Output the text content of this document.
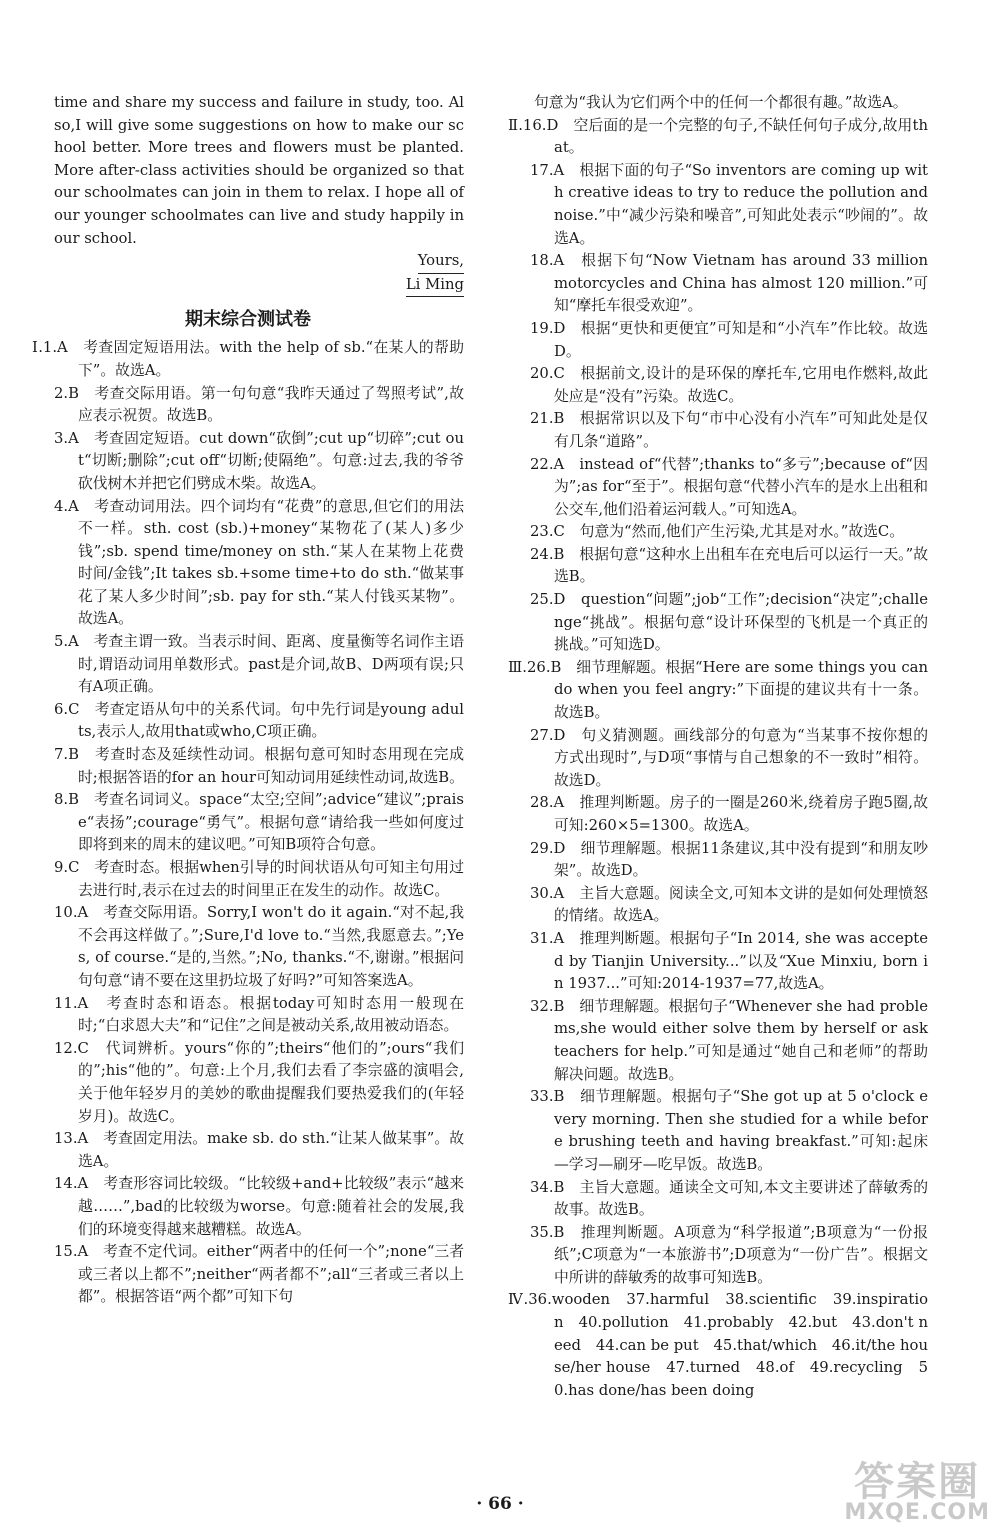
time and share my success and failure in study, too. Also,I will give some suggestions on how to make our school better. More trees and flowers must be planted. More after-class activities should be organized so that our schoolmates can join in them to relax. I hope all of our younger schoolmates can live and study happily in our school.

Yours,
Li Ming
期末综合测试卷

Ⅰ.1.A　考查固定短语用法。with the help of sb.“在某人的帮助下”。故选A。

2.B　考查交际用语。第一句句意“我昨天通过了驾照考试”,故应表示祝贺。故选B。

3.A　考查固定短语。cut down“砍倒”;cut up“切碎”;cut out“切断;删除”;cut off“切断;使隔绝”。句意:过去,我的爷爷砍伐树木并把它们劈成木柴。故选A。

4.A　考查动词用法。四个词均有“花费”的意思,但它们的用法不一样。sth. cost (sb.)+money“某物花了(某人)多少钱”;sb. spend time/money on sth.“某人在某物上花费时间/金钱”;It takes sb.+some time+to do sth.“做某事花了某人多少时间”;sb. pay for sth.“某人付钱买某物”。故选A。

5.A　考查主谓一致。当表示时间、距离、度量衡等名词作主语时,谓语动词用单数形式。past是介词,故B、D两项有误;只有A项正确。

6.C　考查定语从句中的关系代词。句中先行词是young adults,表示人,故用that或who,C项正确。

7.B　考查时态及延续性动词。根据句意可知时态用现在完成时;根据答语的for an hour可知动词用延续性动词,故选B。

8.B　考查名词词义。space“太空;空间”;advice“建议”;praise“表扬”;courage“勇气”。根据句意“请给我一些如何度过即将到来的周末的建议吧。”可知B项符合句意。

9.C　考查时态。根据when引导的时间状语从句可知主句用过去进行时,表示在过去的时间里正在发生的动作。故选C。

10.A　考查交际用语。Sorry,I won't do it again.“对不起,我不会再这样做了。”;Sure,I'd love to.“当然,我愿意去。”;Yes, of course.“是的,当然。”;No, thanks.“不,谢谢。”根据问句句意“请不要在这里扔垃圾了好吗?”可知答案选A。

11.A　考查时态和语态。根据today可知时态用一般现在时;“白求恩大夫”和“记住”之间是被动关系,故用被动语态。

12.C　代词辨析。yours“你的”;theirs“他们的”;ours“我们的”;his“他的”。句意:上个月,我们去看了李宗盛的演唱会,关于他年轻岁月的美妙的歌曲提醒我们要热爱我们的(年轻岁月)。故选C。

13.A　考查固定用法。make sb. do sth.“让某人做某事”。故选A。

14.A　考查形容词比较级。“比较级+and+比较级”表示“越来越……”,bad的比较级为worse。句意:随着社会的发展,我们的环境变得越来越糟糕。故选A。

15.A　考查不定代词。either“两者中的任何一个”;none“三者或三者以上都不”;neither“两者都不”;all“三者或三者以上都”。根据答语“两个都”可知下句

句意为“我认为它们两个中的任何一个都很有趣。”故选A。

Ⅱ.16.D　空后面的是一个完整的句子,不缺任何句子成分,故用that。

17.A　根据下面的句子“So inventors are coming up with creative ideas to try to reduce the pollution and noise.”中“减少污染和噪音”,可知此处表示“吵闹的”。故选A。

18.A　根据下句“Now Vietnam has around 33 million motorcycles and China has almost 120 million.”可知“摩托车很受欢迎”。

19.D　根据“更快和更便宜”可知是和“小汽车”作比较。故选D。

20.C　根据前文,设计的是环保的摩托车,它用电作燃料,故此处应是“没有”污染。故选C。

21.B　根据常识以及下句“市中心没有小汽车”可知此处是仅有几条“道路”。

22.A　instead of“代替”;thanks to“多亏”;because of“因为”;as for“至于”。根据句意“代替小汽车的是水上出租和公交车,他们沿着运河载人。”可知选A。

23.C　句意为“然而,他们产生污染,尤其是对水。”故选C。

24.B　根据句意“这种水上出租车在充电后可以运行一天。”故选B。

25.D　question“问题”;job“工作”;decision“决定”;challenge“挑战”。根据句意“设计环保型的飞机是一个真正的挑战。”可知选D。

Ⅲ.26.B　细节理解题。根据“Here are some things you can do when you feel angry:”下面提的建议共有十一条。故选B。

27.D　句义猜测题。画线部分的句意为“当某事不按你想的方式出现时”,与D项“事情与自己想象的不一致时”相符。故选D。

28.A　推理判断题。房子的一圈是260米,绕着房子跑5圈,故可知:260×5=1300。故选A。

29.D　细节理解题。根据11条建议,其中没有提到“和朋友吵架”。故选D。

30.A　主旨大意题。阅读全文,可知本文讲的是如何处理愤怒的情绪。故选A。

31.A　推理判断题。根据句子“In 2014, she was accepted by Tianjin University...”以及“Xue Minxiu, born in 1937...”可知:2014-1937=77,故选A。

32.B　细节理解题。根据句子“Whenever she had problems,she would either solve them by herself or ask teachers for help.”可知是通过“她自己和老师”的帮助解决问题。故选B。

33.B　细节理解题。根据句子“She got up at 5 o'clock every morning. Then she studied for a while before brushing teeth and having breakfast.”可知:起床—学习—刷牙—吃早饭。故选B。

34.B　主旨大意题。通读全文可知,本文主要讲述了薛敏秀的故事。故选B。

35.B　推理判断题。A项意为“科学报道”;B项意为“一份报纸”;C项意为“一本旅游书”;D项意为“一份广告”。根据文中所讲的薛敏秀的故事可知选B。

Ⅳ.36.wooden　37.harmful　38.scientific　39.inspiration　40.pollution　41.probably　42.but　43.don't need　44.can be put　45.that/which　46.it/the house/her house　47.turned　48.of　49.recycling　50.has done/has been doing

· 66 ·	答案圈
MXQE.COM
